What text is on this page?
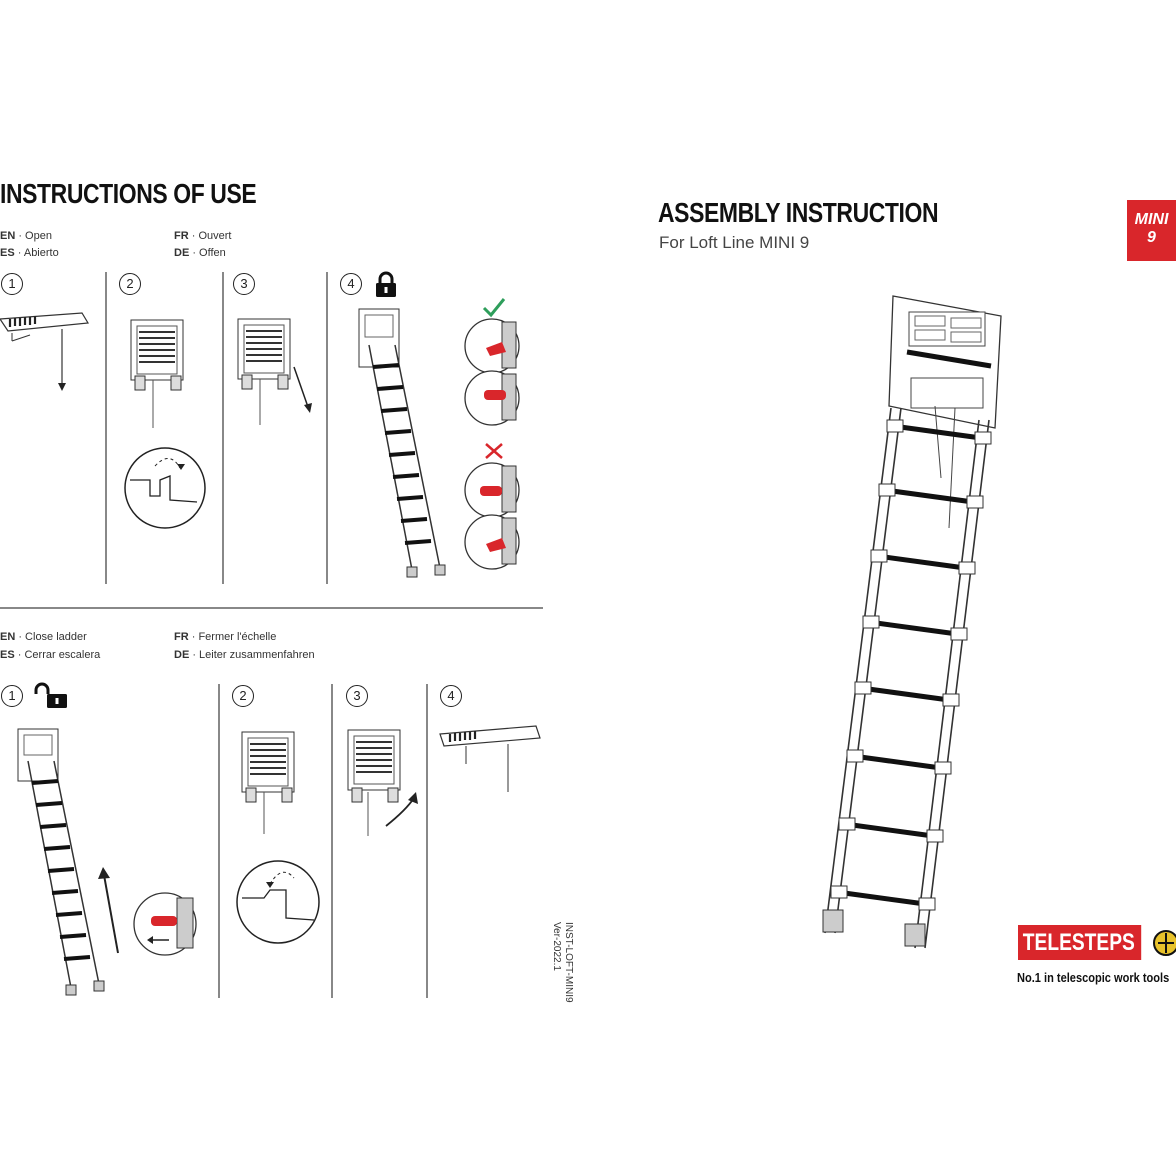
INSTRUCTIONS OF USE
EN · Open
ES · Abierto
FR · Ouvert
DE · Offen
1	2	3	4
EN · Close ladder
ES · Cerrar escalera
FR · Fermer l'échelle
DE · Leiter zusammenfahren
1	2	3	4
INST-LOFT-MINI9
Ver-2022.1
ASSEMBLY INSTRUCTION
For Loft Line MINI 9
MINI
9
TELESTEPS
No.1 in telescopic work tools
